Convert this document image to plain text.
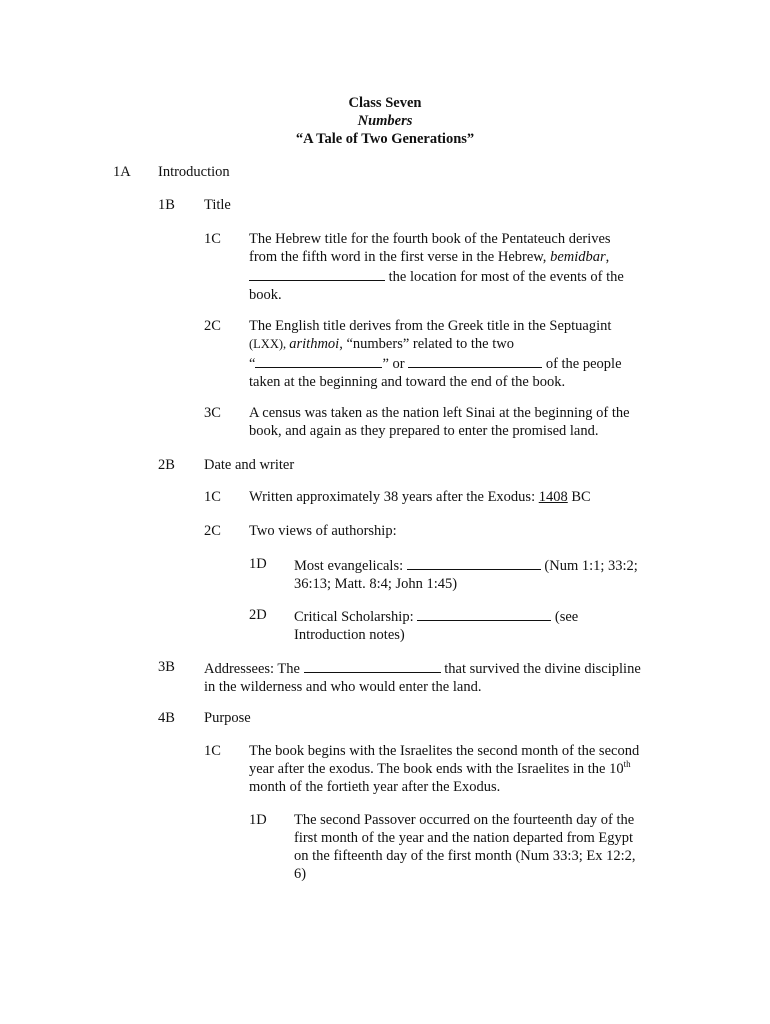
Class Seven
Numbers
“A Tale of Two Generations”
1A Introduction
1B Title
1C The Hebrew title for the fourth book of the Pentateuch derives
from the fifth word in the first verse in the Hebrew, bemidbar,
the location for most of the events of the
book.
2C The English title derives from the Greek title in the Septuagint
(LXX), arithmoi, “numbers” related to the two
“	” or	of the people
taken at the beginning and toward the end of the book.
3C A census was taken as the nation left Sinai at the beginning of the
book, and again as they prepared to enter the promised land.
2B Date and writer
1C Written approximately 38 years after the Exodus: 1408 BC
2C Two views of authorship:
1D Most evangelicals:	(Num 1:1; 33:2;
36:13; Matt. 8:4; John 1:45)
2D Critical Scholarship:	(see
Introduction notes)
3B Addressees: The	that survived the divine discipline
in the wilderness and who would enter the land.
4B Purpose
1C The book begins with the Israelites the second month of the second
year after the exodus. The book ends with the Israelites in the 10th
month of the fortieth year after the Exodus.
1D The second Passover occurred on the fourteenth day of the
first month of the year and the nation departed from Egypt
on the fifteenth day of the first month (Num 33:3; Ex 12:2,
6)
